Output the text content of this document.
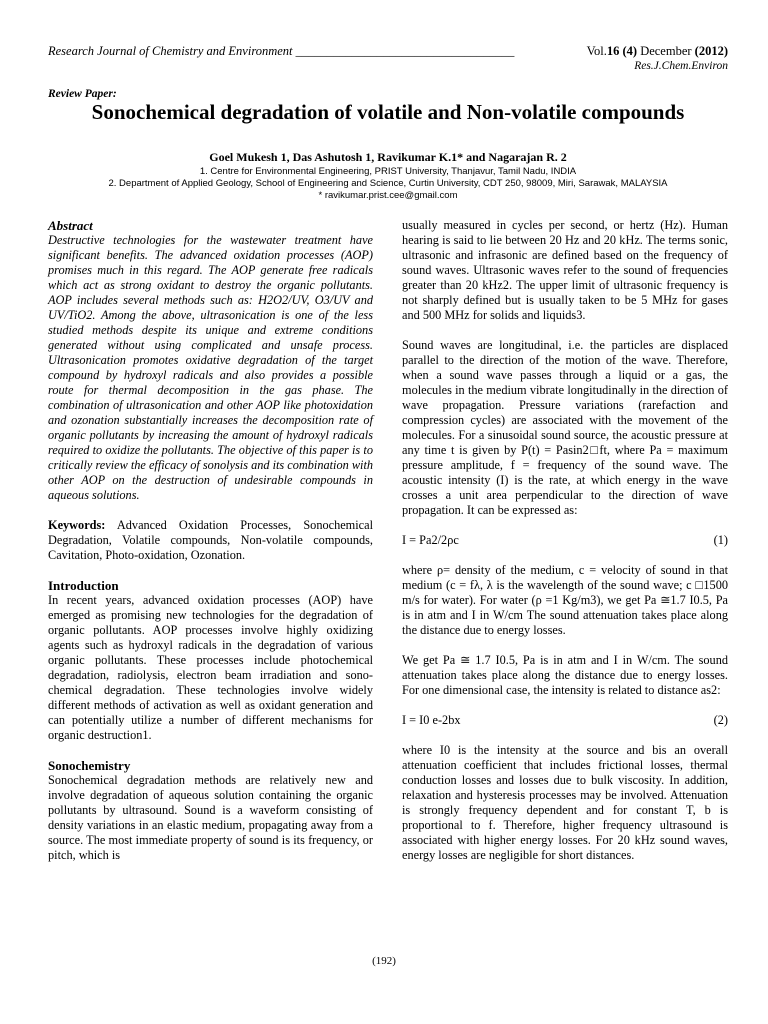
Research Journal of Chemistry and Environment ___________________________________	Vol.16 (4) December (2012)
Res.J.Chem.Environ
Review Paper:
Sonochemical degradation of volatile and Non-volatile compounds
Goel Mukesh 1, Das Ashutosh 1, Ravikumar K.1* and Nagarajan R. 2
1. Centre for Environmental Engineering, PRIST University, Thanjavur, Tamil Nadu, INDIA
2. Department of Applied Geology, School of Engineering and Science, Curtin University, CDT 250, 98009, Miri, Sarawak, MALAYSIA
* ravikumar.prist.cee@gmail.com
Abstract

Destructive technologies for the wastewater treatment have significant benefits. The advanced oxidation processes (AOP) promises much in this regard. The AOP generate free radicals which act as strong oxidant to destroy the organic pollutants. AOP includes several methods such as: H2O2/UV, O3/UV and UV/TiO2. Among the above, ultrasonication is one of the less studied methods despite its unique and extreme conditions generated without using complicated and unsafe process. Ultrasonication promotes oxidative degradation of the target compound by hydroxyl radicals and also provides a possible route for thermal decomposition in the gas phase. The combination of ultrasonication and other AOP like photoxidation and ozonation substantially increases the decomposition rate of organic pollutants by increasing the amount of hydroxyl radicals required to oxidize the pollutants. The objective of this paper is to critically review the efficacy of sonolysis and its combination with other AOP on the destruction of undesirable compounds in aqueous solutions.

Keywords: Advanced Oxidation Processes, Sonochemical Degradation, Volatile compounds, Non-volatile compounds, Cavitation, Photo-oxidation, Ozonation.

Introduction

In recent years, advanced oxidation processes (AOP) have emerged as promising new technologies for the degradation of organic pollutants. AOP processes involve highly oxidizing agents such as hydroxyl radicals in the degradation of various organic pollutants. These processes include photochemical degradation, radiolysis, electron beam irradiation and sono-chemical degradation. These technologies involve widely different methods of activation as well as oxidant generation and can potentially utilize a number of different mechanisms for organic destruction1.

Sonochemistry

Sonochemical degradation methods are relatively new and involve degradation of aqueous solution containing the organic pollutants by ultrasound. Sound is a waveform consisting of density variations in an elastic medium, propagating away from a source. The most immediate property of sound is its frequency, or pitch, which is

usually measured in cycles per second, or hertz (Hz). Human hearing is said to lie between 20 Hz and 20 kHz. The terms sonic, ultrasonic and infrasonic are defined based on the frequency of sound waves. Ultrasonic waves refer to the sound of frequencies greater than 20 kHz2. The upper limit of ultrasonic frequency is not sharply defined but is usually taken to be 5 MHz for gases and 500 MHz for solids and liquids3.

Sound waves are longitudinal, i.e. the particles are displaced parallel to the direction of the motion of the wave. Therefore, when a sound wave passes through a liquid or a gas, the molecules in the medium vibrate longitudinally in the direction of wave propagation. Pressure variations (rarefaction and compression cycles) are associated with the movement of the molecules. For a sinusoidal sound source, the acoustic pressure at any time t is given by P(t) = Pasin2□ft, where Pa = maximum pressure amplitude, f = frequency of the sound wave. The acoustic intensity (I) is the rate, at which energy in the wave crosses a unit area perpendicular to the direction of wave propagation. It can be expressed as:

I = Pa2/2ρc	(1)

where ρ= density of the medium, c = velocity of sound in that medium (c = fλ, λ is the wavelength of the sound wave; c □1500 m/s for water). For water (ρ =1 Kg/m3), we get Pa ≅1.7 I0.5, Pa is in atm and I in W/cm The sound attenuation takes place along the distance due to energy losses.

We get Pa ≅ 1.7 I0.5, Pa is in atm and I in W/cm. The sound attenuation takes place along the distance due to energy losses. For one dimensional case, the intensity is related to distance as2:

I = I0 e-2bx	(2)

where I0 is the intensity at the source and bis an overall attenuation coefficient that includes frictional losses, thermal conduction losses and losses due to bulk viscosity. In addition, relaxation and hysteresis processes may be involved. Attenuation is strongly frequency dependent and for constant T, b is proportional to f. Therefore, higher frequency ultrasound is associated with higher energy losses. For 20 kHz sound waves, energy losses are negligible for short distances.

(192)
